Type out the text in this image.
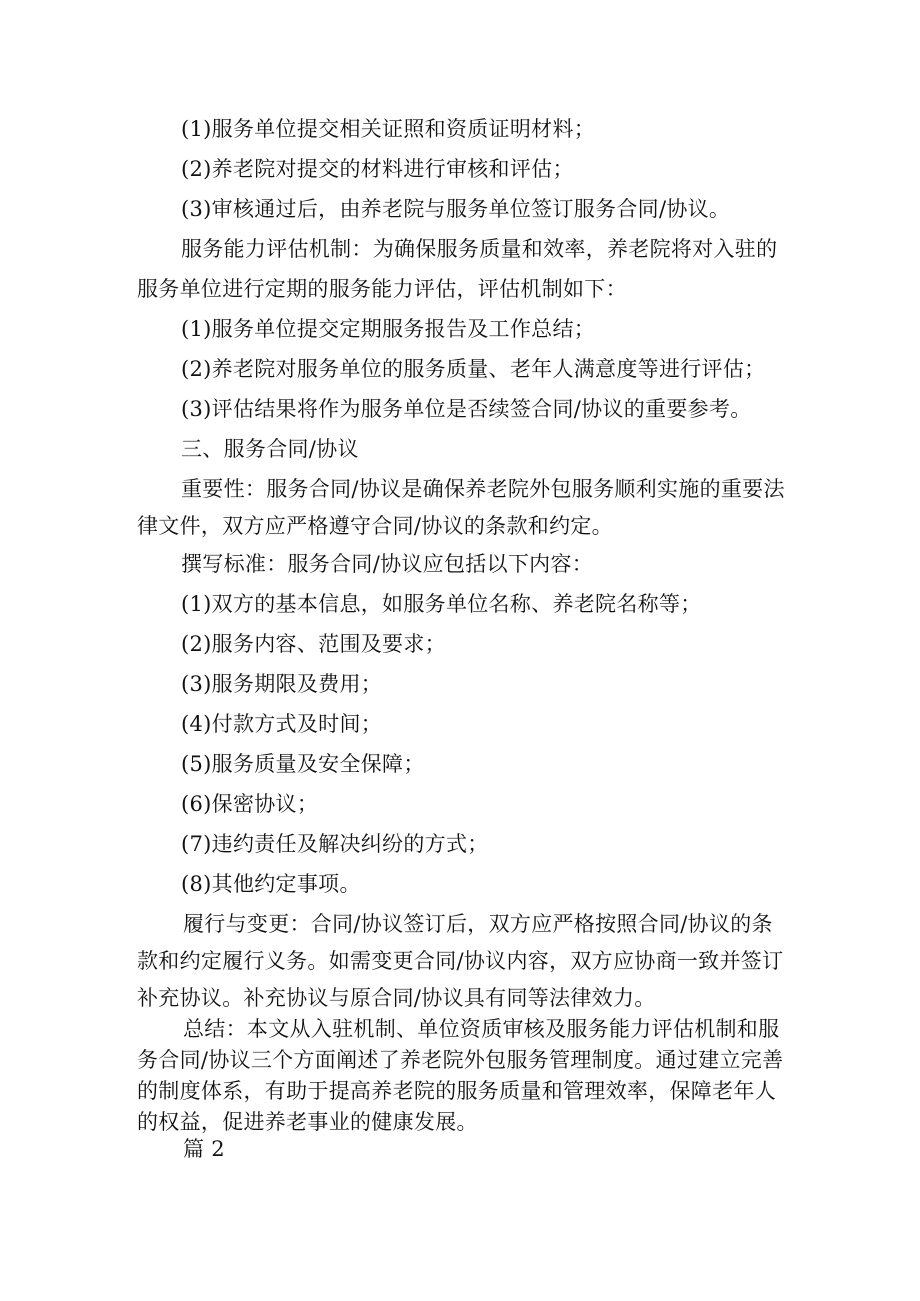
(1)服务单位提交相关证照和资质证明材料；
(2)养老院对提交的材料进行审核和评估；
(3)审核通过后，由养老院与服务单位签订服务合同/协议。
服务能力评估机制：为确保服务质量和效率，养老院将对入驻的
服务单位进行定期的服务能力评估，评估机制如下：
(1)服务单位提交定期服务报告及工作总结；
(2)养老院对服务单位的服务质量、老年人满意度等进行评估；
(3)评估结果将作为服务单位是否续签合同/协议的重要参考。
三、服务合同/协议
重要性：服务合同/协议是确保养老院外包服务顺利实施的重要法
律文件，双方应严格遵守合同/协议的条款和约定。
撰写标准：服务合同/协议应包括以下内容：
(1)双方的基本信息，如服务单位名称、养老院名称等；
(2)服务内容、范围及要求；
(3)服务期限及费用；
(4)付款方式及时间；
(5)服务质量及安全保障；
(6)保密协议；
(7)违约责任及解决纠纷的方式；
(8)其他约定事项。
履行与变更：合同/协议签订后，双方应严格按照合同/协议的条
款和约定履行义务。如需变更合同/协议内容，双方应协商一致并签订
补充协议。补充协议与原合同/协议具有同等法律效力。
总结：本文从入驻机制、单位资质审核及服务能力评估机制和服
务合同/协议三个方面阐述了养老院外包服务管理制度。通过建立完善
的制度体系，有助于提高养老院的服务质量和管理效率，保障老年人
的权益，促进养老事业的健康发展。
篇 2
